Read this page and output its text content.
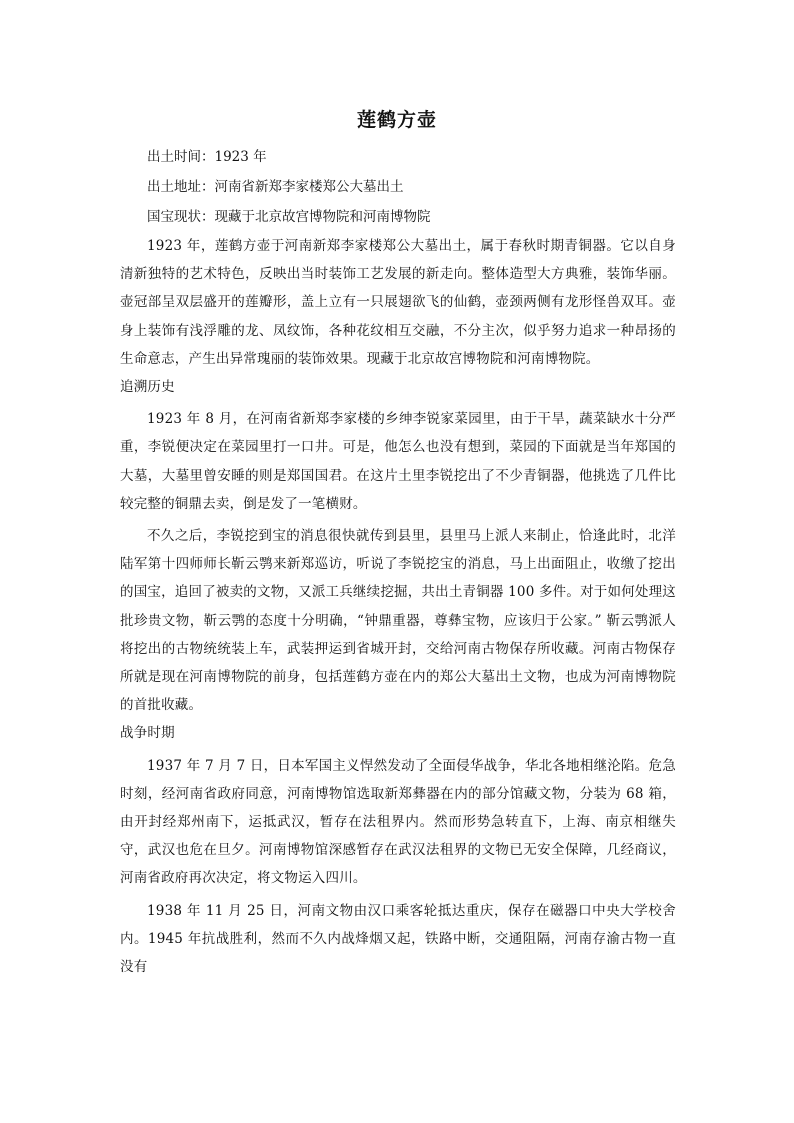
莲鹤方壶
出土时间：1923 年
出土地址：河南省新郑李家楼郑公大墓出土
国宝现状：现藏于北京故宫博物院和河南博物院

1923 年，莲鹤方壶于河南新郑李家楼郑公大墓出土，属于春秋时期青铜器。它以自身清新独特的艺术特色，反映出当时装饰工艺发展的新走向。整体造型大方典雅，装饰华丽。壶冠部呈双层盛开的莲瓣形，盖上立有一只展翅欲飞的仙鹤，壶颈两侧有龙形怪兽双耳。壶身上装饰有浅浮雕的龙、凤纹饰，各种花纹相互交融，不分主次，似乎努力追求一种昂扬的生命意志，产生出异常瑰丽的装饰效果。现藏于北京故宫博物院和河南博物院。

追溯历史

1923 年 8 月，在河南省新郑李家楼的乡绅李锐家菜园里，由于干旱，蔬菜缺水十分严重，李锐便决定在菜园里打一口井。可是，他怎么也没有想到，菜园的下面就是当年郑国的大墓，大墓里曾安睡的则是郑国国君。在这片土里李锐挖出了不少青铜器，他挑选了几件比较完整的铜鼎去卖，倒是发了一笔横财。

不久之后，李锐挖到宝的消息很快就传到县里，县里马上派人来制止，恰逢此时，北洋陆军第十四师师长靳云鹗来新郑巡访，听说了李锐挖宝的消息，马上出面阻止，收缴了挖出的国宝，追回了被卖的文物，又派工兵继续挖掘，共出土青铜器 100 多件。对于如何处理这批珍贵文物，靳云鹗的态度十分明确，“钟鼎重器，尊彝宝物，应该归于公家。” 靳云鹗派人将挖出的古物统统装上车，武装押运到省城开封，交给河南古物保存所收藏。河南古物保存所就是现在河南博物院的前身，包括莲鹤方壶在内的郑公大墓出土文物，也成为河南博物院的首批收藏。

战争时期

1937 年 7 月 7 日，日本军国主义悍然发动了全面侵华战争，华北各地相继沦陷。危急时刻，经河南省政府同意，河南博物馆选取新郑彝器在内的部分馆藏文物，分装为 68 箱，由开封经郑州南下，运抵武汉，暂存在法租界内。然而形势急转直下，上海、南京相继失守，武汉也危在旦夕。河南博物馆深感暂存在武汉法租界的文物已无安全保障，几经商议，河南省政府再次决定，将文物运入四川。

1938 年 11 月 25 日，河南文物由汉口乘客轮抵达重庆，保存在磁器口中央大学校舍内。1945 年抗战胜利，然而不久内战烽烟又起，铁路中断，交通阻隔，河南存渝古物一直没有
